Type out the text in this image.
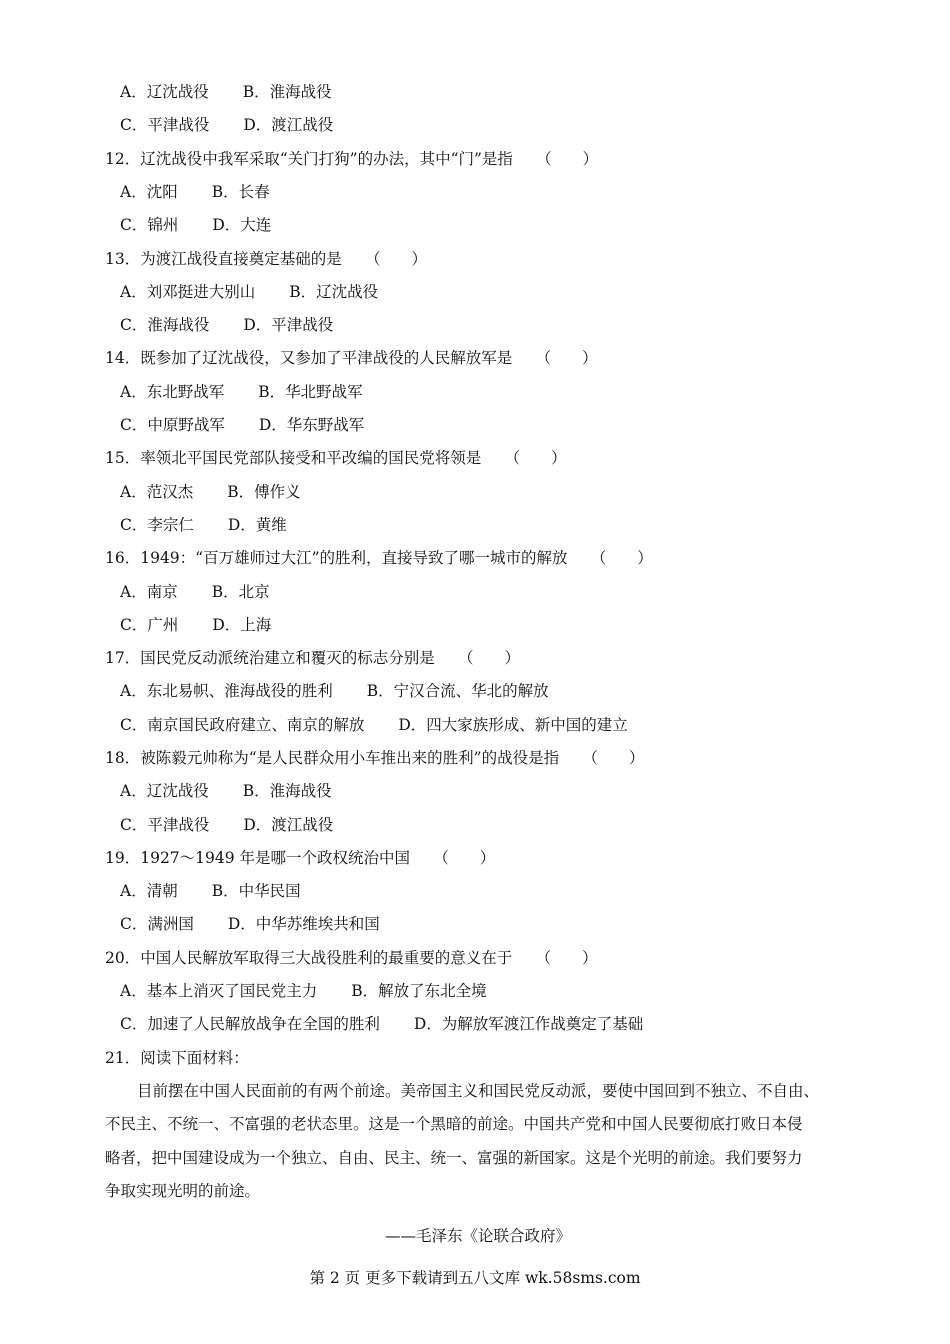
A．辽沈战役 B．淮海战役
C．平津战役 D．渡江战役
12．辽沈战役中我军采取“关门打狗”的办法，其中“门”是指　　（　　）
A．沈阳 B．长春
C．锦州 D．大连
13．为渡江战役直接奠定基础的是　　（　　）
A．刘邓挺进大别山 B．辽沈战役
C．淮海战役 D．平津战役
14．既参加了辽沈战役，又参加了平津战役的人民解放军是　　（　　）
A．东北野战军 B．华北野战军
C．中原野战军 D．华东野战军
15．率领北平国民党部队接受和平改编的国民党将领是　　（　　）
A．范汉杰 B．傅作义
C．李宗仁 D．黄维
16．1949：“百万雄师过大江”的胜利，直接导致了哪一城市的解放　　（　　）
A．南京 B．北京
C．广州 D．上海
17．国民党反动派统治建立和覆灭的标志分别是　　（　　）
A．东北易帜、淮海战役的胜利 B．宁汉合流、华北的解放
C．南京国民政府建立、南京的解放 D．四大家族形成、新中国的建立
18．被陈毅元帅称为“是人民群众用小车推出来的胜利”的战役是指　　（　　）
A．辽沈战役 B．淮海战役
C．平津战役 D．渡江战役
19．1927～1949 年是哪一个政权统治中国　　（　　）
A．清朝 B．中华民国
C．满洲国 D．中华苏维埃共和国
20．中国人民解放军取得三大战役胜利的最重要的意义在于　　（　　）
A．基本上消灭了国民党主力 B．解放了东北全境
C．加速了人民解放战争在全国的胜利 D．为解放军渡江作战奠定了基础
21．阅读下面材料：
目前摆在中国人民面前的有两个前途。美帝国主义和国民党反动派，要使中国回到不独立、不自由、
不民主、不统一、不富强的老状态里。这是一个黑暗的前途。中国共产党和中国人民要彻底打败日本侵
略者，把中国建设成为一个独立、自由、民主、统一、富强的新国家。这是个光明的前途。我们要努力
争取实现光明的前途。
——毛泽东《论联合政府》
第 2 页 更多下载请到五八文库 wk.58sms.com
